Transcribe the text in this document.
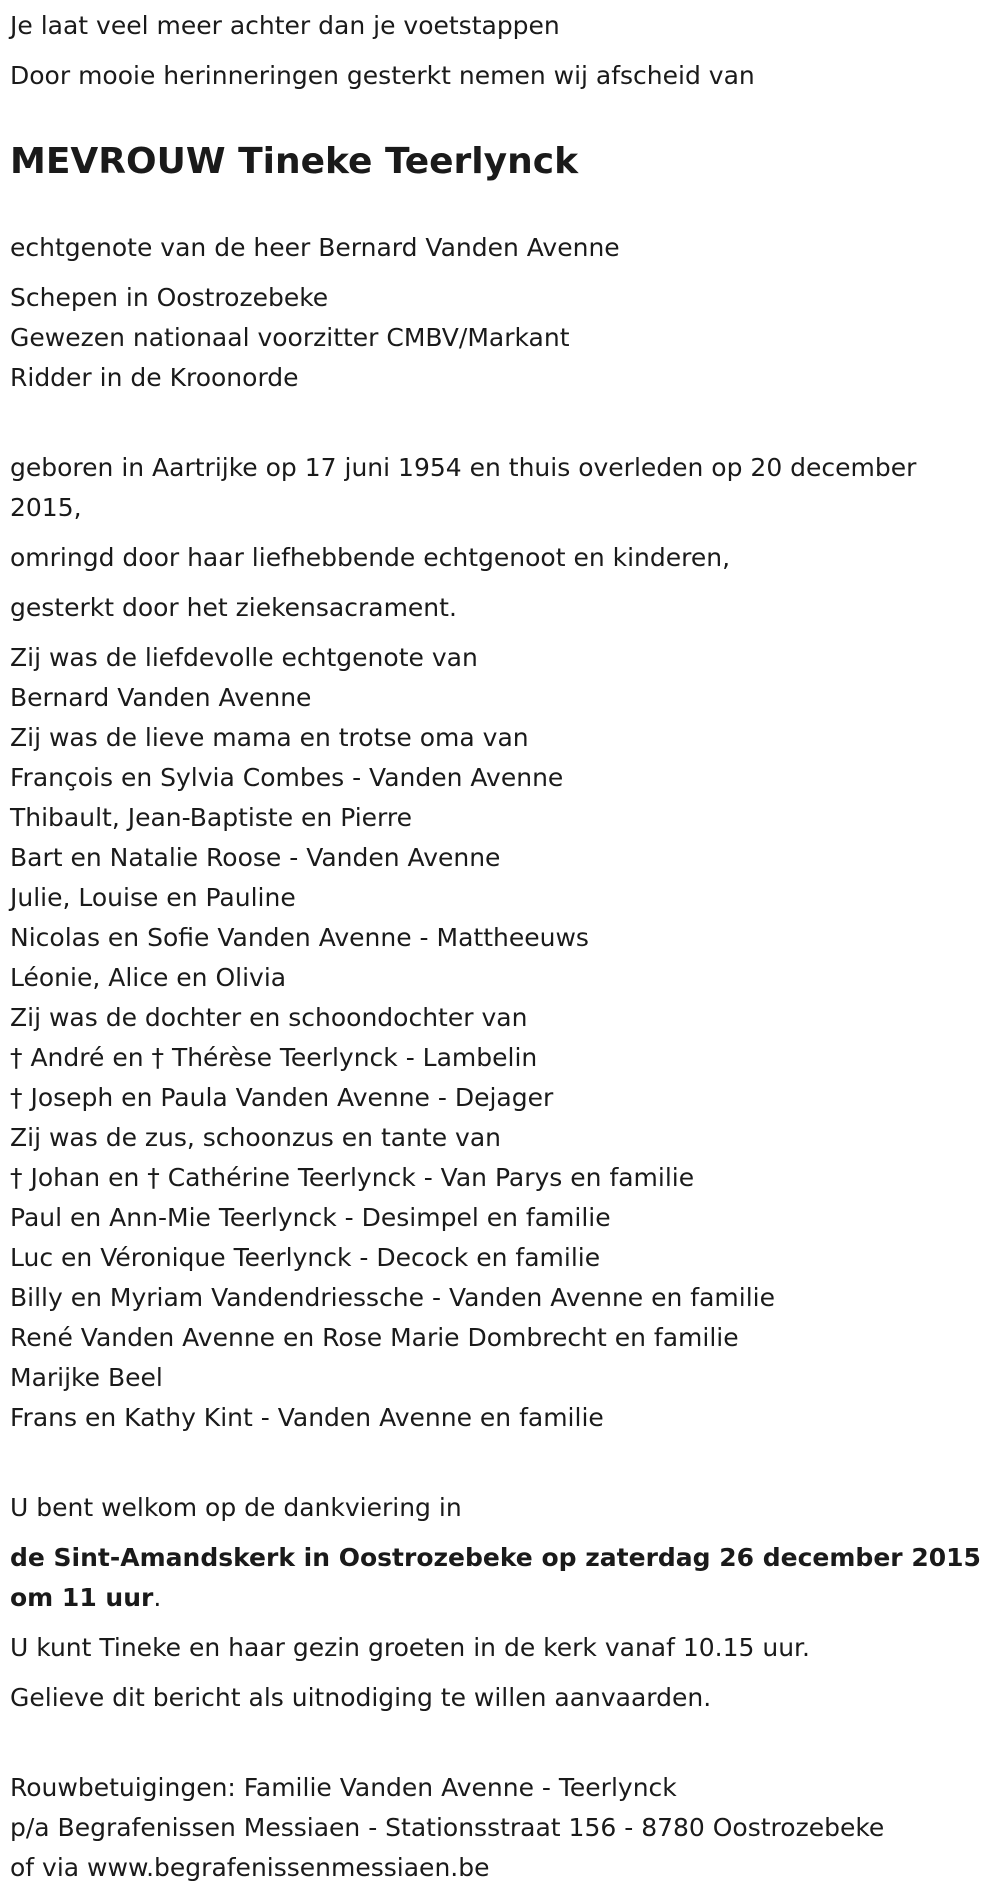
Je laat veel meer achter dan je voetstappen
Door mooie herinneringen gesterkt nemen wij afscheid van
MEVROUW Tineke Teerlynck
echtgenote van de heer Bernard Vanden Avenne
Schepen in Oostrozebeke
Gewezen nationaal voorzitter CMBV/Markant
Ridder in de Kroonorde
geboren in Aartrijke op 17 juni 1954 en thuis overleden op 20 december 2015,
omringd door haar liefhebbende echtgenoot en kinderen,
gesterkt door het ziekensacrament.
Zij was de liefdevolle echtgenote van
Bernard Vanden Avenne
Zij was de lieve mama en trotse oma van
François en Sylvia Combes - Vanden Avenne
Thibault, Jean-Baptiste en Pierre
Bart en Natalie Roose - Vanden Avenne
Julie, Louise en Pauline
Nicolas en Sofie Vanden Avenne - Mattheeuws
Léonie, Alice en Olivia
Zij was de dochter en schoondochter van
† André en † Thérèse Teerlynck - Lambelin
† Joseph en Paula Vanden Avenne - Dejager
Zij was de zus, schoonzus en tante van
† Johan en † Cathérine Teerlynck - Van Parys en familie
Paul en Ann-Mie Teerlynck - Desimpel en familie
Luc en Véronique Teerlynck - Decock en familie
Billy en Myriam Vandendriessche - Vanden Avenne en familie
René Vanden Avenne en Rose Marie Dombrecht en familie
Marijke Beel
Frans en Kathy Kint - Vanden Avenne en familie
U bent welkom op de dankviering in
de Sint-Amandskerk in Oostrozebeke op zaterdag 26 december 2015 om 11 uur.
U kunt Tineke en haar gezin groeten in de kerk vanaf 10.15 uur.
Gelieve dit bericht als uitnodiging te willen aanvaarden.
Rouwbetuigingen: Familie Vanden Avenne - Teerlynck
p/a Begrafenissen Messiaen - Stationsstraat 156 - 8780 Oostrozebeke
of via www.begrafenissenmessiaen.be
